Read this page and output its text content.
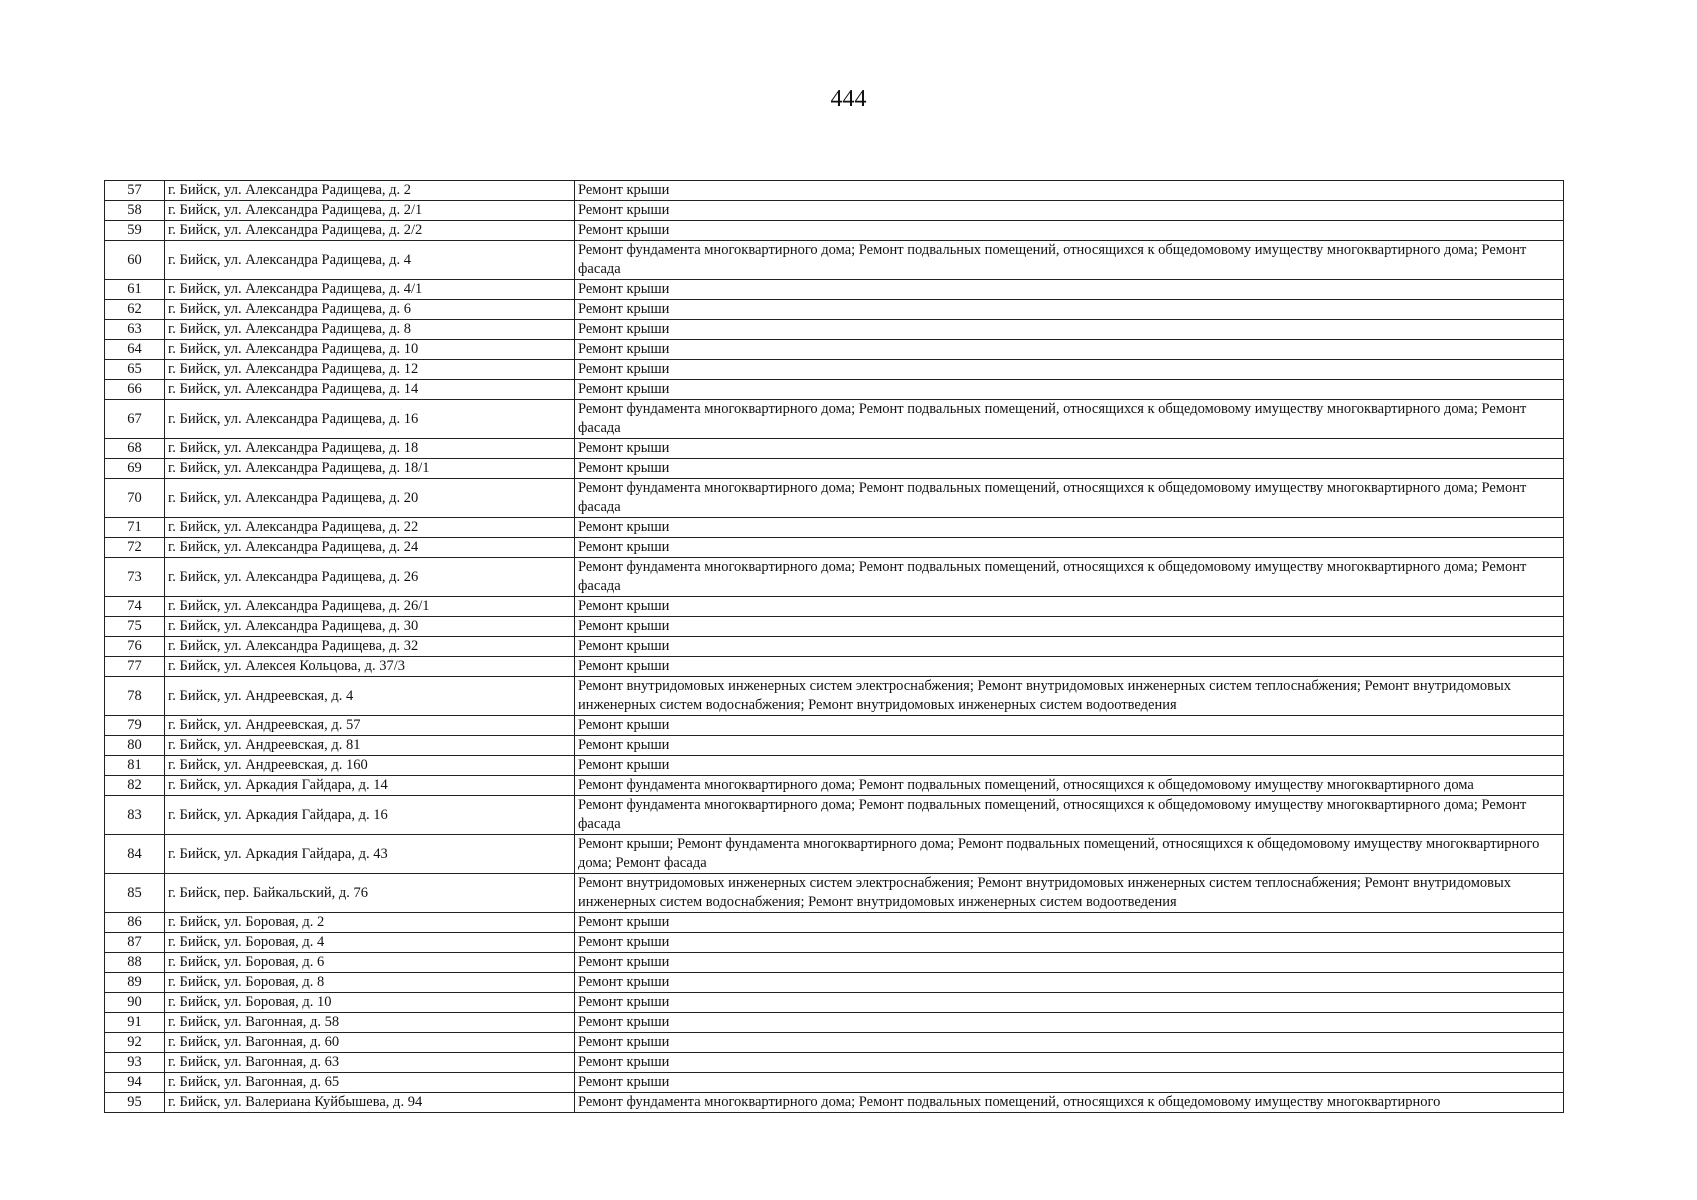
444
57	г. Бийск, ул. Александра Радищева, д. 2	Ремонт крыши
58	г. Бийск, ул. Александра Радищева, д. 2/1	Ремонт крыши
59	г. Бийск, ул. Александра Радищева, д. 2/2	Ремонт крыши
60	г. Бийск, ул. Александра Радищева, д. 4	Ремонт фундамента многоквартирного дома; Ремонт подвальных помещений, относящихся к общедомовому имуществу многоквартирного дома; Ремонт фасада
61	г. Бийск, ул. Александра Радищева, д. 4/1	Ремонт крыши
62	г. Бийск, ул. Александра Радищева, д. 6	Ремонт крыши
63	г. Бийск, ул. Александра Радищева, д. 8	Ремонт крыши
64	г. Бийск, ул. Александра Радищева, д. 10	Ремонт крыши
65	г. Бийск, ул. Александра Радищева, д. 12	Ремонт крыши
66	г. Бийск, ул. Александра Радищева, д. 14	Ремонт крыши
67	г. Бийск, ул. Александра Радищева, д. 16	Ремонт фундамента многоквартирного дома; Ремонт подвальных помещений, относящихся к общедомовому имуществу многоквартирного дома; Ремонт фасада
68	г. Бийск, ул. Александра Радищева, д. 18	Ремонт крыши
69	г. Бийск, ул. Александра Радищева, д. 18/1	Ремонт крыши
70	г. Бийск, ул. Александра Радищева, д. 20	Ремонт фундамента многоквартирного дома; Ремонт подвальных помещений, относящихся к общедомовому имуществу многоквартирного дома; Ремонт фасада
71	г. Бийск, ул. Александра Радищева, д. 22	Ремонт крыши
72	г. Бийск, ул. Александра Радищева, д. 24	Ремонт крыши
73	г. Бийск, ул. Александра Радищева, д. 26	Ремонт фундамента многоквартирного дома; Ремонт подвальных помещений, относящихся к общедомовому имуществу многоквартирного дома; Ремонт фасада
74	г. Бийск, ул. Александра Радищева, д. 26/1	Ремонт крыши
75	г. Бийск, ул. Александра Радищева, д. 30	Ремонт крыши
76	г. Бийск, ул. Александра Радищева, д. 32	Ремонт крыши
77	г. Бийск, ул. Алексея Кольцова, д. 37/3	Ремонт крыши
78	г. Бийск, ул. Андреевская, д. 4	Ремонт внутридомовых инженерных систем электроснабжения; Ремонт внутридомовых инженерных систем теплоснабжения; Ремонт внутридомовых инженерных систем водоснабжения; Ремонт внутридомовых инженерных систем водоотведения
79	г. Бийск, ул. Андреевская, д. 57	Ремонт крыши
80	г. Бийск, ул. Андреевская, д. 81	Ремонт крыши
81	г. Бийск, ул. Андреевская, д. 160	Ремонт крыши
82	г. Бийск, ул. Аркадия Гайдара, д. 14	Ремонт фундамента многоквартирного дома; Ремонт подвальных помещений, относящихся к общедомовому имуществу многоквартирного дома
83	г. Бийск, ул. Аркадия Гайдара, д. 16	Ремонт фундамента многоквартирного дома; Ремонт подвальных помещений, относящихся к общедомовому имуществу многоквартирного дома; Ремонт фасада
84	г. Бийск, ул. Аркадия Гайдара, д. 43	Ремонт крыши; Ремонт фундамента многоквартирного дома; Ремонт подвальных помещений, относящихся к общедомовому имуществу многоквартирного дома; Ремонт фасада
85	г. Бийск, пер. Байкальский, д. 76	Ремонт внутридомовых инженерных систем электроснабжения; Ремонт внутридомовых инженерных систем теплоснабжения; Ремонт внутридомовых инженерных систем водоснабжения; Ремонт внутридомовых инженерных систем водоотведения
86	г. Бийск, ул. Боровая, д. 2	Ремонт крыши
87	г. Бийск, ул. Боровая, д. 4	Ремонт крыши
88	г. Бийск, ул. Боровая, д. 6	Ремонт крыши
89	г. Бийск, ул. Боровая, д. 8	Ремонт крыши
90	г. Бийск, ул. Боровая, д. 10	Ремонт крыши
91	г. Бийск, ул. Вагонная, д. 58	Ремонт крыши
92	г. Бийск, ул. Вагонная, д. 60	Ремонт крыши
93	г. Бийск, ул. Вагонная, д. 63	Ремонт крыши
94	г. Бийск, ул. Вагонная, д. 65	Ремонт крыши
95	г. Бийск, ул. Валериана Куйбышева, д. 94	Ремонт фундамента многоквартирного дома; Ремонт подвальных помещений, относящихся к общедомовому имуществу многоквартирного
